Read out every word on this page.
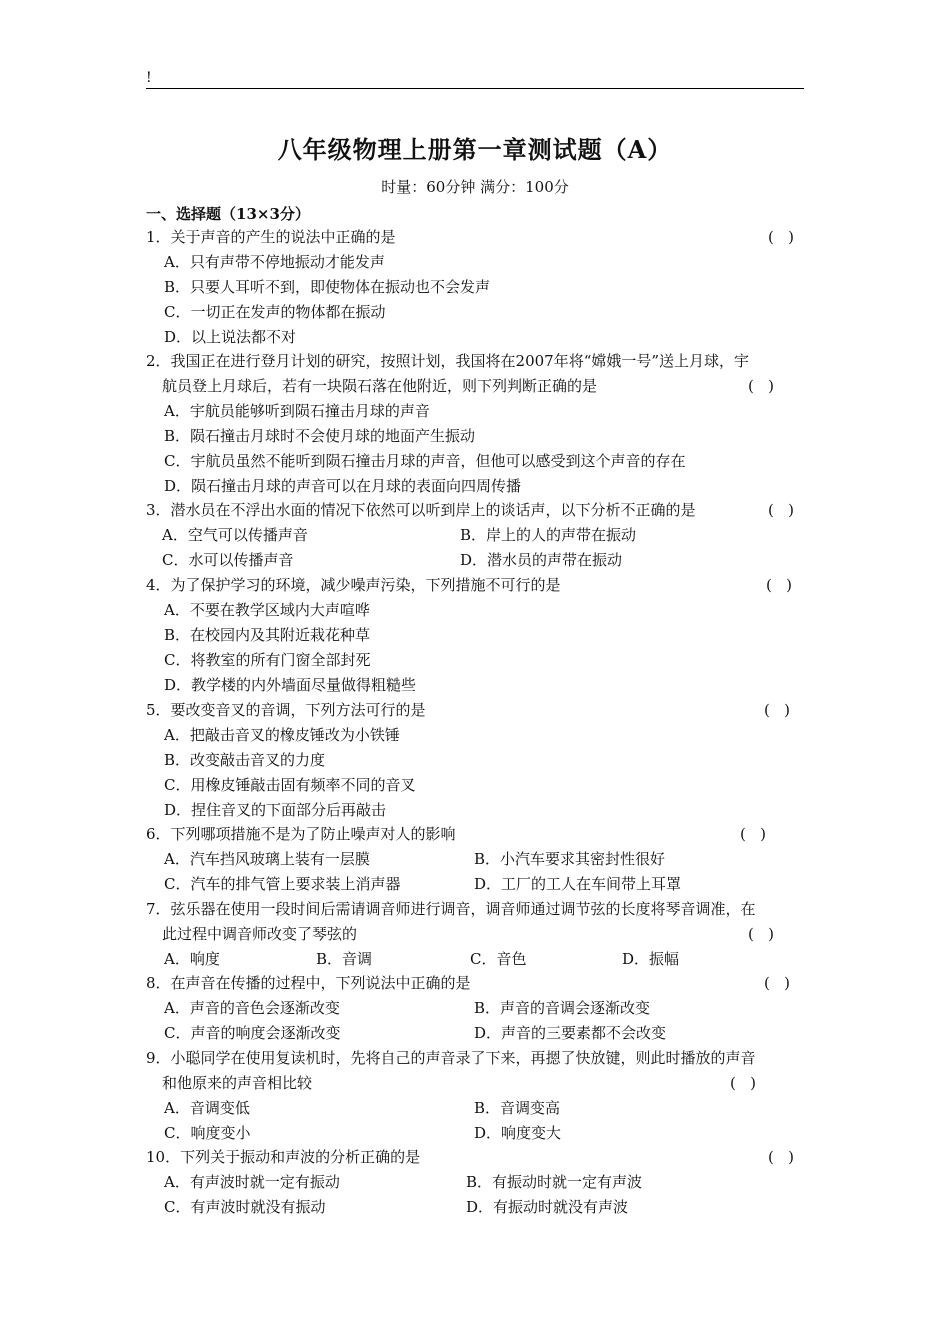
!
八年级物理上册第一章测试题（A）
时量：60分钟 满分：100分
一、选择题（13×3分）
1．关于声音的产生的说法中正确的是	(   )
A．只有声带不停地振动才能发声
B．只要人耳听不到，即使物体在振动也不会发声
C．一切正在发声的物体都在振动
D．以上说法都不对
2．我国正在进行登月计划的研究，按照计划，我国将在2007年将“嫦娥一号”送上月球，宇
航员登上月球后，若有一块陨石落在他附近，则下列判断正确的是	(   )
A．宇航员能够听到陨石撞击月球的声音
B．陨石撞击月球时不会使月球的地面产生振动
C．宇航员虽然不能听到陨石撞击月球的声音，但他可以感受到这个声音的存在
D．陨石撞击月球的声音可以在月球的表面向四周传播
3．潜水员在不浮出水面的情况下依然可以听到岸上的谈话声，以下分析不正确的是	(   )
A．空气可以传播声音	B．岸上的人的声带在振动
C．水可以传播声音	D．潜水员的声带在振动
4．为了保护学习的环境，减少噪声污染，下列措施不可行的是	(   )
A．不要在教学区域内大声喧哗
B．在校园内及其附近栽花种草
C．将教室的所有门窗全部封死
D．教学楼的内外墙面尽量做得粗糙些
5．要改变音叉的音调，下列方法可行的是	(   )
A．把敲击音叉的橡皮锤改为小铁锤
B．改变敲击音叉的力度
C．用橡皮锤敲击固有频率不同的音叉
D．捏住音叉的下面部分后再敲击
6．下列哪项措施不是为了防止噪声对人的影响	(   )
A．汽车挡风玻璃上装有一层膜	B．小汽车要求其密封性很好
C．汽车的排气管上要求装上消声器	D．工厂的工人在车间带上耳罩
7．弦乐器在使用一段时间后需请调音师进行调音，调音师通过调节弦的长度将琴音调准，在
此过程中调音师改变了琴弦的	(   )
A．响度	B．音调	C．音色	D．振幅
8．在声音在传播的过程中，下列说法中正确的是	(   )
A．声音的音色会逐渐改变	B．声音的音调会逐渐改变
C．声音的响度会逐渐改变	D．声音的三要素都不会改变
9．小聪同学在使用复读机时，先将自己的声音录了下来，再摁了快放键，则此时播放的声音
和他原来的声音相比较	(   )
A．音调变低	B．音调变高
C．响度变小	D．响度变大
10．下列关于振动和声波的分析正确的是	(   )
A．有声波时就一定有振动	B．有振动时就一定有声波
C．有声波时就没有振动	D．有振动时就没有声波
